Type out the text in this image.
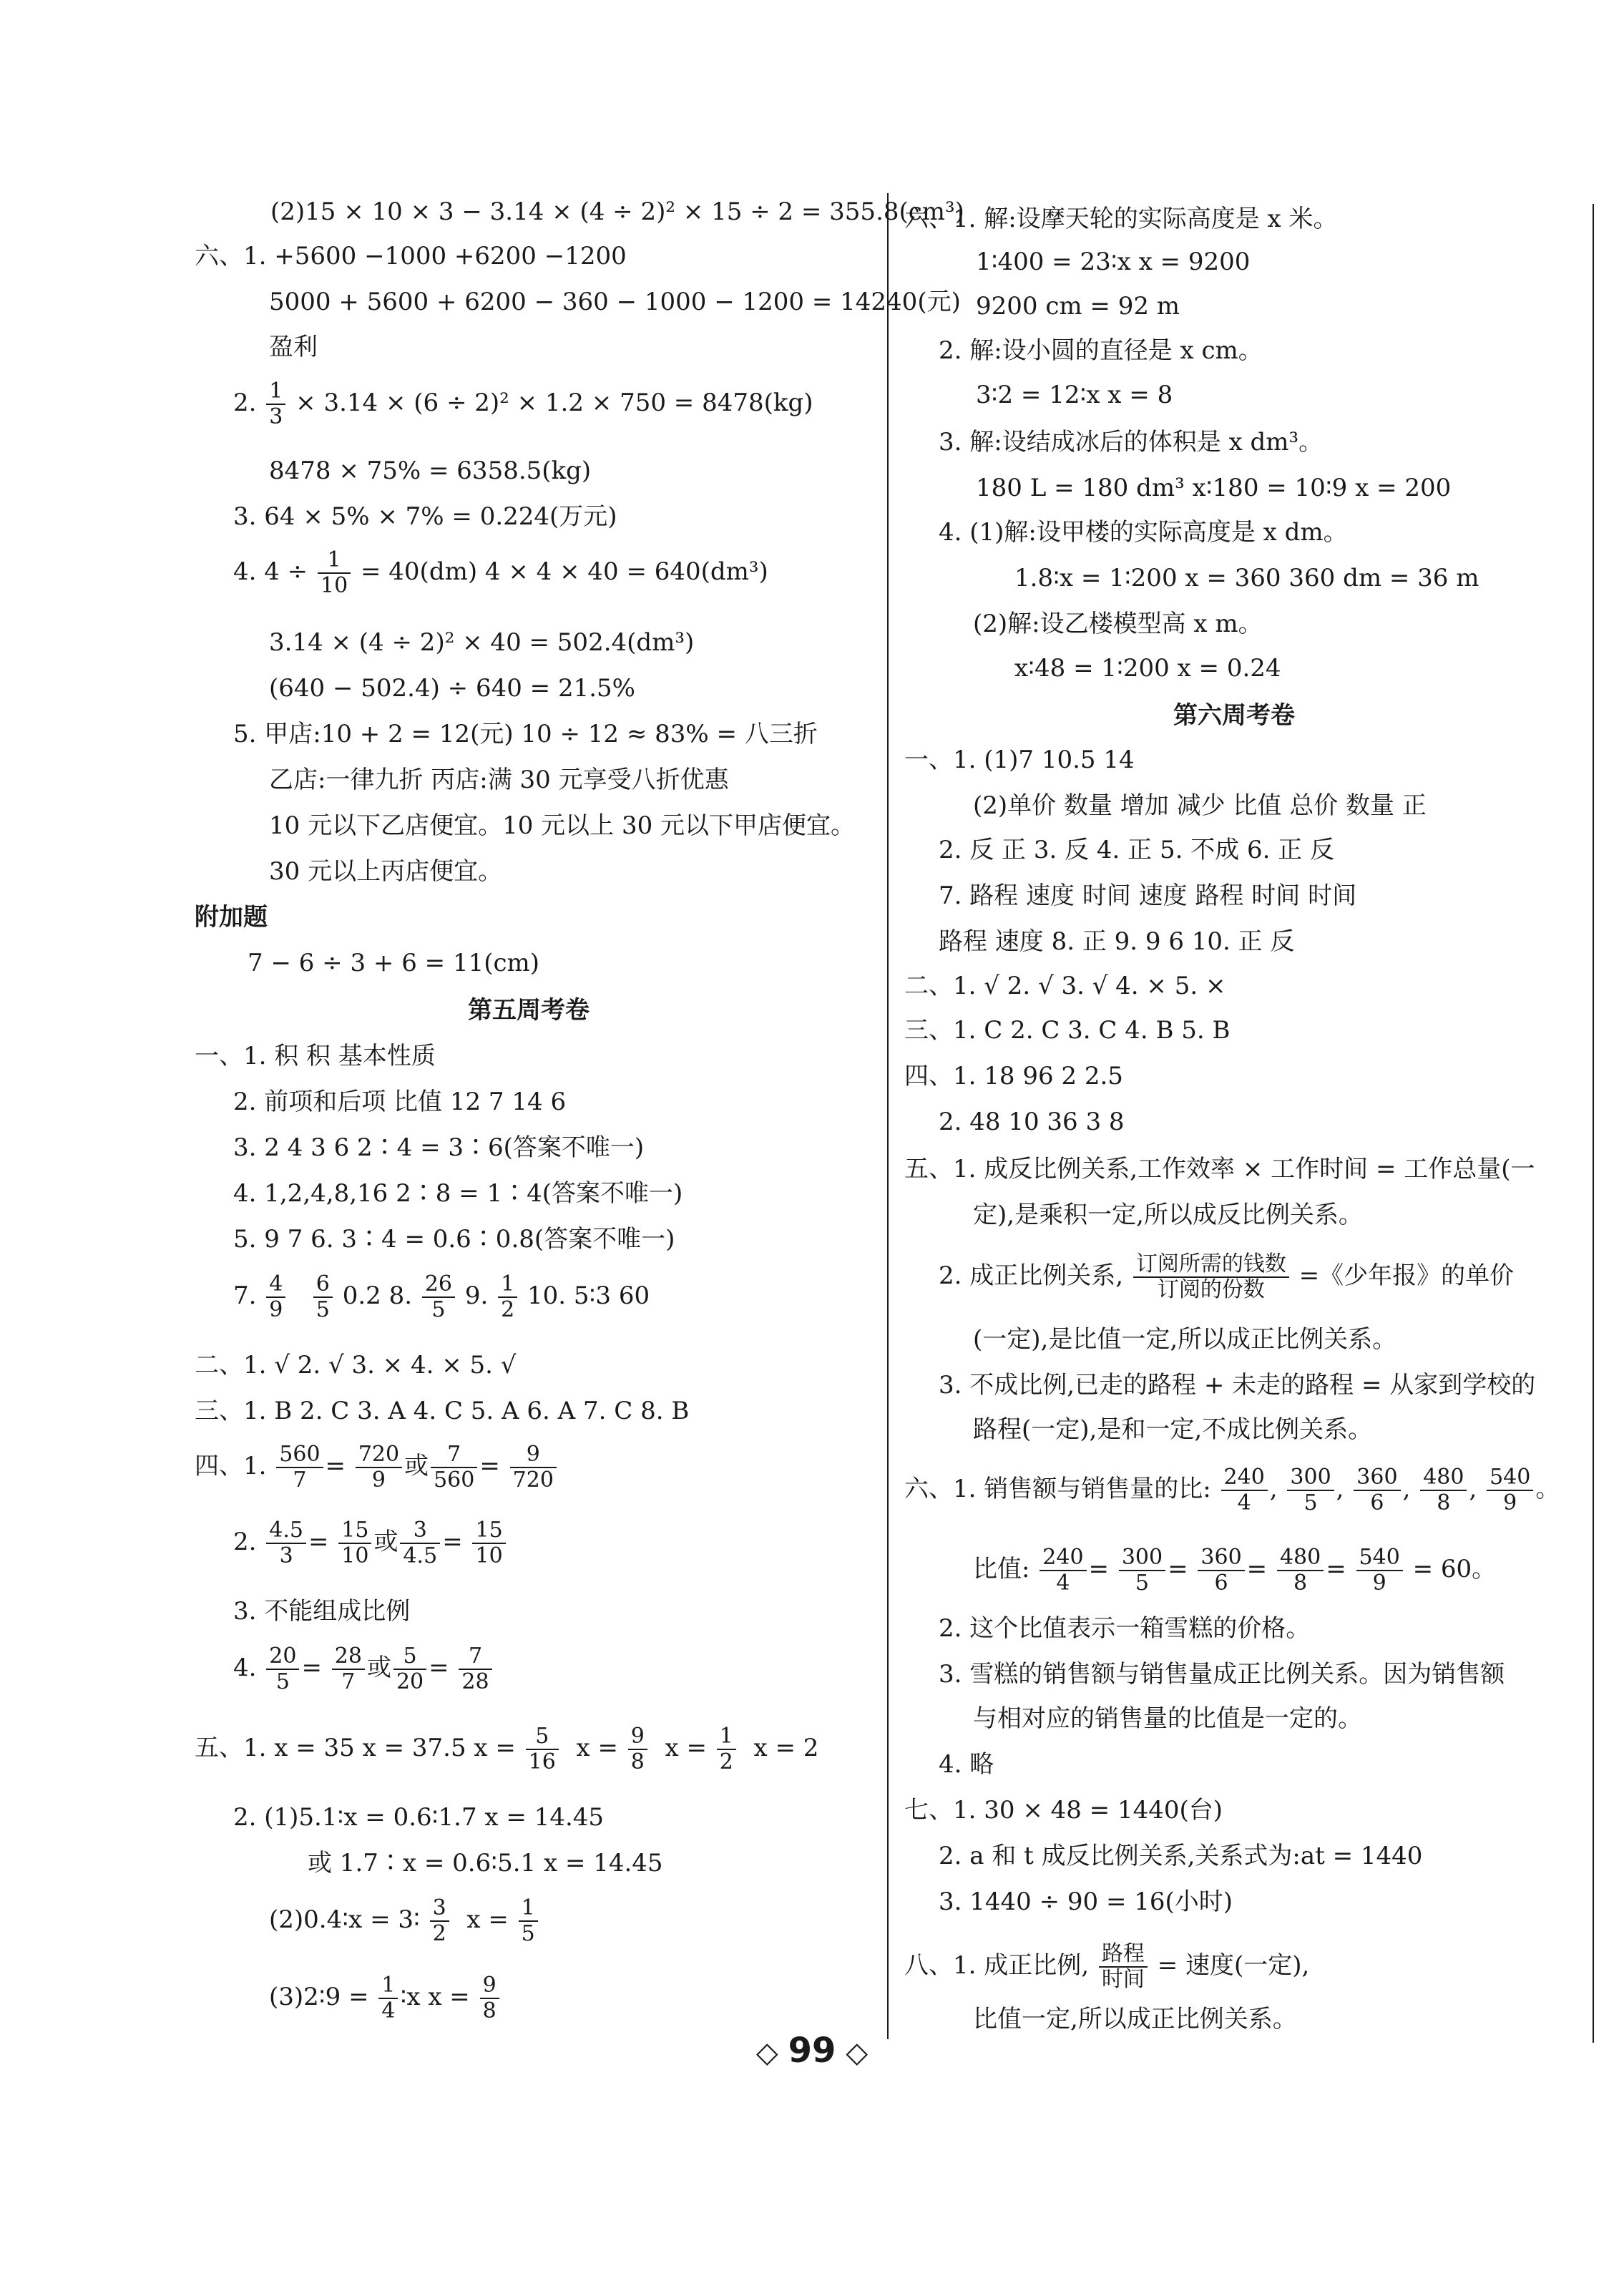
(2)15 × 10 × 3 − 3.14 × (4 ÷ 2)² × 15 ÷ 2 = 355.8(cm³)
六、1. +5600 −1000 +6200 −1200
5000 + 5600 + 6200 − 360 − 1000 − 1200 = 14240(元)
盈利
2. $\frac{1}{3} \times 3.14 \times (6 \div 2)^2 \times 1.2 \times 750 = 8478(kg)$
8478 × 75% = 6358.5(kg)
3. 64 × 5% × 7% = 0.224(万元)
4. $4 \div \frac{1}{10} = 40(dm) 4 \times 4 \times 40 = 640(dm^3)$
3.14 × (4 ÷ 2)² × 40 = 502.4(dm³)
(640 − 502.4) ÷ 640 = 21.5%
5. 甲店:10 + 2 = 12(元) 10 ÷ 12 ≈ 83% = 八三折
乙店:一律九折 丙店:满 30 元享受八折优惠
10 元以下乙店便宜。10 元以上 30 元以下甲店便宜。
30 元以上丙店便宜。
附加题
7 − 6 ÷ 3 + 6 = 11(cm)
第五周考卷
一、1. 积 积 基本性质
2. 前项和后项 比值 12 7 14 6
3. 2 4 3 6 2∶4 = 3∶6(答案不唯一)
4. 1,2,4,8,16 2∶8 = 1∶4(答案不唯一)
5. 9 7 6. 3∶4 = 0.6∶0.8(答案不唯一)
7. $\frac{4}{9}$
$\frac{6}{5} 0.2$ 8. $\frac{26}{5} 9$. $\frac{1}{2} 10$. 5∶3 60
二、1. √ 2. √ 3. × 4. × 5. √
三、1. B 2. C 3. A 4. C 5. A 6. A 7. C 8. B
四、1. $\frac{560}{7} = \frac{720}{9}$ 或 $\frac{7}{560} = \frac{9}{720}$
2. $\frac{4.5}{3} = \frac{15}{10}$ 或 $\frac{3}{4.5} = \frac{15}{10}$
3. 不能组成比例
4. $\frac{20}{5} = \frac{28}{7}$ 或 $\frac{5}{20} = \frac{7}{28}$
五、1. x = 35 x = 37.5 $x = \frac{5}{16}$ $x = \frac{9}{8}$ $x = \frac{1}{2}$ x = 2
2. (1)5.1∶x = 0.6∶1.7 x = 14.45
或 1.7∶x = 0.6∶5.1 x = 14.45
(2)0.4∶x = 3∶ $\frac{3}{2}$ $x = \frac{1}{5}$
(3)2∶9 = $\frac{1}{4}$ ∶x $x = \frac{9}{8}$
六、1. 解:设摩天轮的实际高度是 x 米。
1∶400 = 23∶x x = 9200
9200 cm = 92 m
2. 解:设小圆的直径是 x cm。
3∶2 = 12∶x x = 8
3. 解:设结成冰后的体积是 x dm³。
180 L = 180 dm³ x∶180 = 10∶9 x = 200
4. (1)解:设甲楼的实际高度是 x dm。
1.8∶x = 1∶200 x = 360 360 dm = 36 m
(2)解:设乙楼模型高 x m。
x∶48 = 1∶200 x = 0.24
第六周考卷
一、1. (1)7 10.5 14
(2)单价 数量 增加 减少 比值 总价 数量 正
2. 反 正 3. 反 4. 正 5. 不成 6. 正 反
7. 路程 速度 时间 速度 路程 时间 时间
路程 速度 8. 正 9. 9 6 10. 正 反
二、1. √ 2. √ 3. √ 4. × 5. ×
三、1. C 2. C 3. C 4. B 5. B
四、1. 18 96 2 2.5
2. 48 10 36 3 8
五、1. 成反比例关系,工作效率 × 工作时间 = 工作总量(一
定),是乘积一定,所以成反比例关系。
2. 成正比例关系, $\frac{\text{订阅所需的钱数}}{\text{订阅的份数}}$ =《少年报》的单价
(一定),是比值一定,所以成正比例关系。
3. 不成比例,已走的路程 + 未走的路程 = 从家到学校的
路程(一定),是和一定,不成比例关系。
六、1. 销售额与销售量的比: $\frac{240}{4}$ , $\frac{300}{5}$ , $\frac{360}{6}$ , $\frac{480}{8}$ , $\frac{540}{9}$ 。
比值: $\frac{240}{4} = \frac{300}{5} = \frac{360}{6} = \frac{480}{8} = \frac{540}{9} = 60$。
2. 这个比值表示一箱雪糕的价格。
3. 雪糕的销售额与销售量成正比例关系。因为销售额
与相对应的销售量的比值是一定的。
4. 略
七、1. 30 × 48 = 1440(台)
2. a 和 t 成反比例关系,关系式为:at = 1440
3. 1440 ÷ 90 = 16(小时)
八、1. 成正比例, $\frac{\text{路程}}{\text{时间}}$ = 速度(一定),
比值一定,所以成正比例关系。
◇ 99 ◇
